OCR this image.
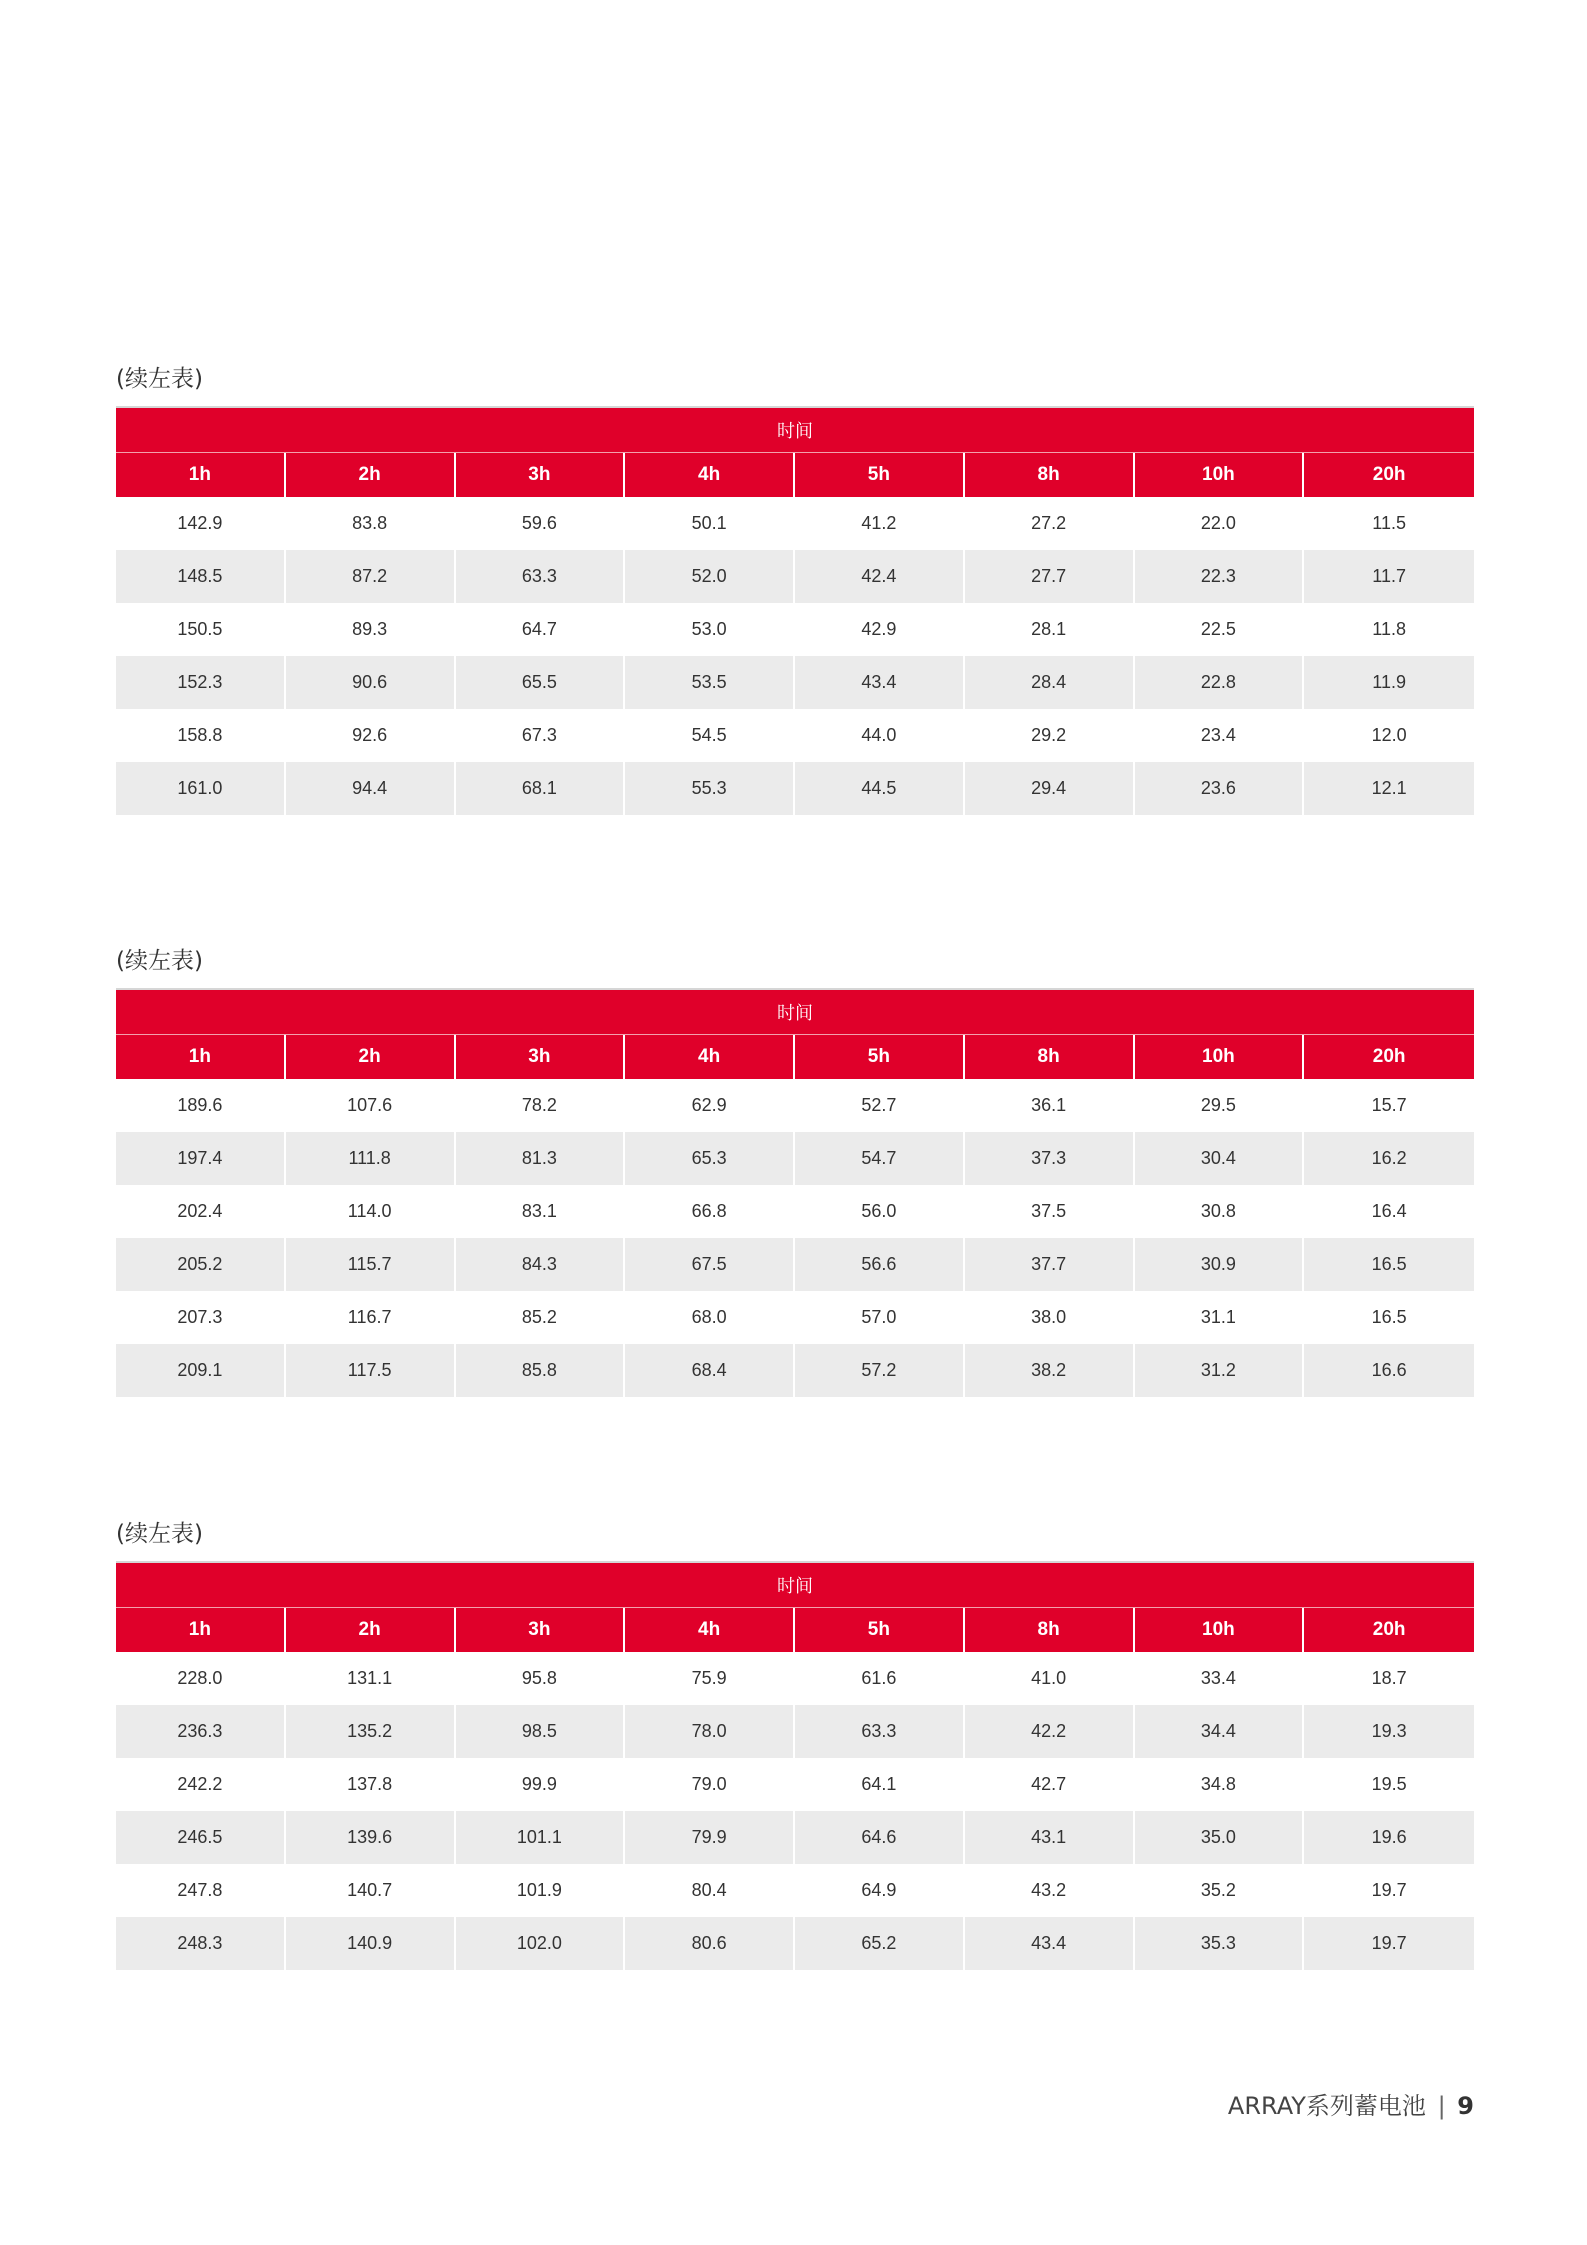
(续左表)
时间							
1h	2h	3h	4h	5h	8h	10h	20h
142.9	83.8	59.6	50.1	41.2	27.2	22.0	11.5
148.5	87.2	63.3	52.0	42.4	27.7	22.3	11.7
150.5	89.3	64.7	53.0	42.9	28.1	22.5	11.8
152.3	90.6	65.5	53.5	43.4	28.4	22.8	11.9
158.8	92.6	67.3	54.5	44.0	29.2	23.4	12.0
161.0	94.4	68.1	55.3	44.5	29.4	23.6	12.1
(续左表)
时间							
1h	2h	3h	4h	5h	8h	10h	20h
189.6	107.6	78.2	62.9	52.7	36.1	29.5	15.7
197.4	111.8	81.3	65.3	54.7	37.3	30.4	16.2
202.4	114.0	83.1	66.8	56.0	37.5	30.8	16.4
205.2	115.7	84.3	67.5	56.6	37.7	30.9	16.5
207.3	116.7	85.2	68.0	57.0	38.0	31.1	16.5
209.1	117.5	85.8	68.4	57.2	38.2	31.2	16.6
(续左表)
时间							
1h	2h	3h	4h	5h	8h	10h	20h
228.0	131.1	95.8	75.9	61.6	41.0	33.4	18.7
236.3	135.2	98.5	78.0	63.3	42.2	34.4	19.3
242.2	137.8	99.9	79.0	64.1	42.7	34.8	19.5
246.5	139.6	101.1	79.9	64.6	43.1	35.0	19.6
247.8	140.7	101.9	80.4	64.9	43.2	35.2	19.7
248.3	140.9	102.0	80.6	65.2	43.4	35.3	19.7
ARRAY系列蓄电池 | 9
